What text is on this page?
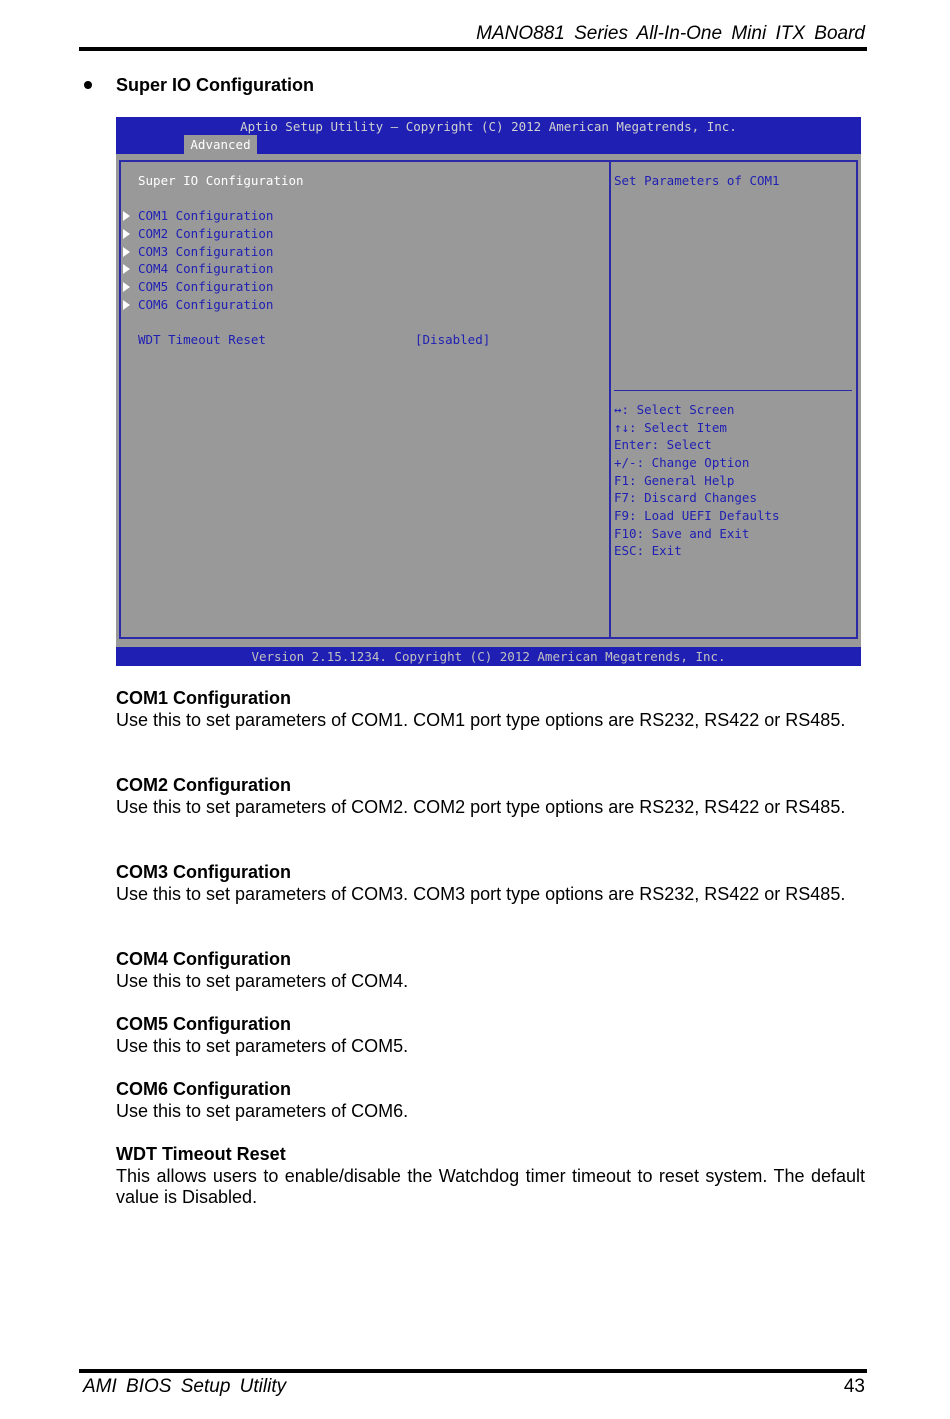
MANO881 Series All-In-One Mini ITX Board
Super IO Configuration
Aptio Setup Utility – Copyright (C) 2012 American Megatrends, Inc.
Advanced
Super IO Configuration
COM1 Configuration
COM2 Configuration
COM3 Configuration
COM4 Configuration
COM5 Configuration
COM6 Configuration
WDT Timeout Reset	[Disabled]
Set Parameters of COM1
↔: Select Screen
↑↓: Select Item
Enter: Select
+/-: Change Option
F1: General Help
F7: Discard Changes
F9: Load UEFI Defaults
F10: Save and Exit
ESC: Exit
Version 2.15.1234. Copyright (C) 2012 American Megatrends, Inc.
COM1 Configuration

Use this to set parameters of COM1. COM1 port type options are RS232, RS422 or RS485.

COM2 Configuration

Use this to set parameters of COM2. COM2 port type options are RS232, RS422 or RS485.

COM3 Configuration

Use this to set parameters of COM3. COM3 port type options are RS232, RS422 or RS485.

COM4 Configuration

Use this to set parameters of COM4.

COM5 Configuration

Use this to set parameters of COM5.

COM6 Configuration

Use this to set parameters of COM6.

WDT Timeout Reset

This allows users to enable/disable the Watchdog timer timeout to reset system. The default value is Disabled.

AMI BIOS Setup Utility	43
